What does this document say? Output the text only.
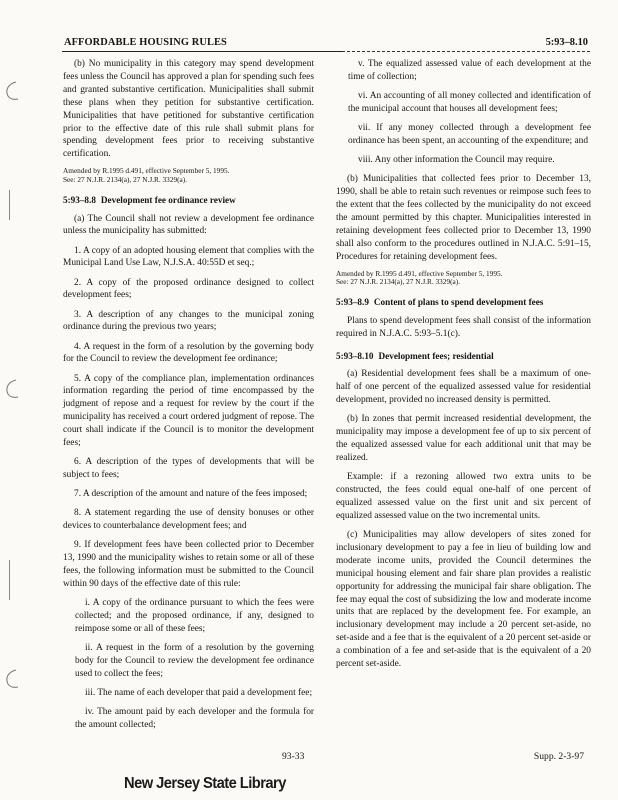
AFFORDABLE HOUSING RULES	5:93–8.10

(b) No municipality in this category may spend development fees unless the Council has approved a plan for spending such fees and granted substantive certification. Municipalities shall submit these plans when they petition for substantive certification. Municipalities that have petitioned for substantive certification prior to the effective date of this rule shall submit plans for spending development fees prior to receiving substantive certification.

Amended by R.1995 d.491, effective September 5, 1995.
See: 27 N.J.R. 2134(a), 27 N.J.R. 3329(a).
5:93–8.8 Development fee ordinance review

(a) The Council shall not review a development fee ordinance unless the municipality has submitted:

1. A copy of an adopted housing element that complies with the Municipal Land Use Law, N.J.S.A. 40:55D et seq.;

2. A copy of the proposed ordinance designed to collect development fees;

3. A description of any changes to the municipal zoning ordinance during the previous two years;

4. A request in the form of a resolution by the governing body for the Council to review the development fee ordinance;

5. A copy of the compliance plan, implementation ordinances information regarding the period of time encompassed by the judgment of repose and a request for review by the court if the municipality has received a court ordered judgment of repose. The court shall indicate if the Council is to monitor the development fees;

6. A description of the types of developments that will be subject to fees;

7. A description of the amount and nature of the fees imposed;

8. A statement regarding the use of density bonuses or other devices to counterbalance development fees; and

9. If development fees have been collected prior to December 13, 1990 and the municipality wishes to retain some or all of these fees, the following information must be submitted to the Council within 90 days of the effective date of this rule:

i. A copy of the ordinance pursuant to which the fees were collected; and the proposed ordinance, if any, designed to reimpose some or all of these fees;

ii. A request in the form of a resolution by the governing body for the Council to review the development fee ordinance used to collect the fees;

iii. The name of each developer that paid a development fee;

iv. The amount paid by each developer and the formula for the amount collected;

v. The equalized assessed value of each development at the time of collection;

vi. An accounting of all money collected and identification of the municipal account that houses all development fees;

vii. If any money collected through a development fee ordinance has been spent, an accounting of the expenditure; and

viii. Any other information the Council may require.

(b) Municipalities that collected fees prior to December 13, 1990, shall be able to retain such revenues or reimpose such fees to the extent that the fees collected by the municipality do not exceed the amount permitted by this chapter. Municipalities interested in retaining development fees collected prior to December 13, 1990 shall also conform to the procedures outlined in N.J.A.C. 5:91–15, Procedures for retaining development fees.

Amended by R.1995 d.491, effective September 5, 1995.
See: 27 N.J.R. 2134(a), 27 N.J.R. 3329(a).
5:93–8.9 Content of plans to spend development fees

Plans to spend development fees shall consist of the information required in N.J.A.C. 5:93–5.1(c).

5:93–8.10 Development fees; residential

(a) Residential development fees shall be a maximum of one-half of one percent of the equalized assessed value for residential development, provided no increased density is permitted.

(b) In zones that permit increased residential development, the municipality may impose a development fee of up to six percent of the equalized assessed value for each additional unit that may be realized.

Example: if a rezoning allowed two extra units to be constructed, the fees could equal one-half of one percent of equalized assessed value on the first unit and six percent of equalized assessed value on the two incremental units.

(c) Municipalities may allow developers of sites zoned for inclusionary development to pay a fee in lieu of building low and moderate income units, provided the Council determines the municipal housing element and fair share plan provides a realistic opportunity for addressing the municipal fair share obligation. The fee may equal the cost of subsidizing the low and moderate income units that are replaced by the development fee. For example, an inclusionary development may include a 20 percent set-aside, no set-aside and a fee that is the equivalent of a 20 percent set-aside or a combination of a fee and set-aside that is the equivalent of a 20 percent set-aside.

93-33	Supp. 2-3-97
New Jersey State Library
